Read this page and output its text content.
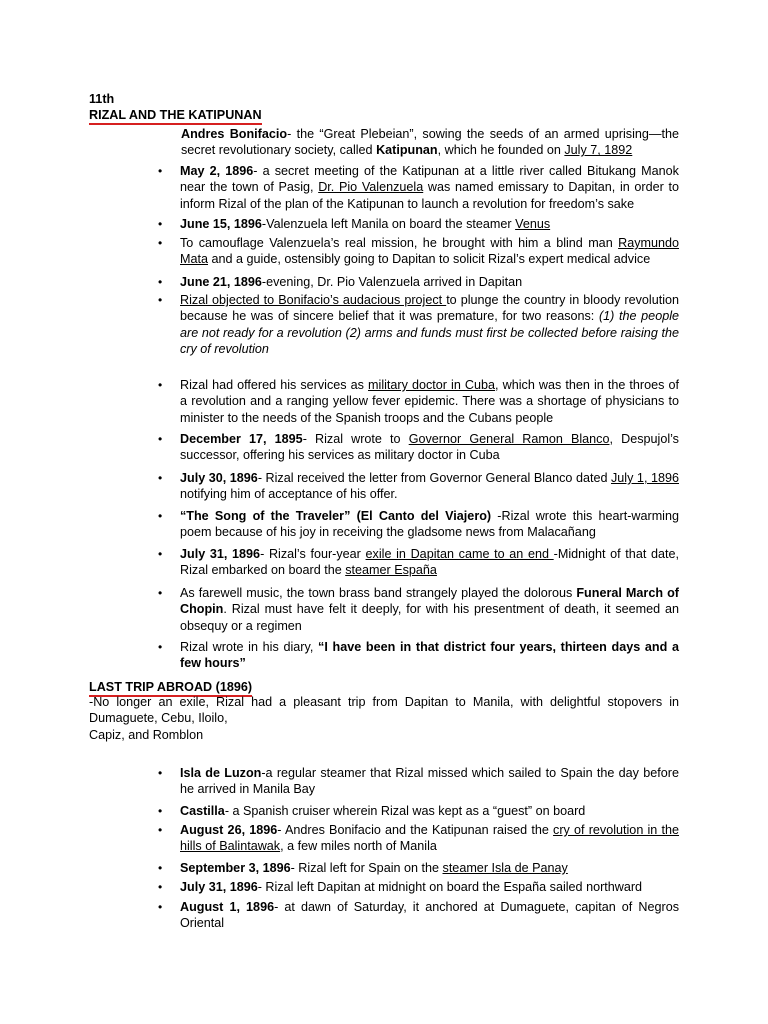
11th
RIZAL AND THE KATIPUNAN
Andres Bonifacio- the “Great Plebeian”, sowing the seeds of an armed uprising—the secret revolutionary society, called Katipunan, which he founded on July 7, 1892
•	May 2, 1896- a secret meeting of the Katipunan at a little river called Bitukang Manok near the town of Pasig, Dr. Pio Valenzuela was named emissary to Dapitan, in order to inform Rizal of the plan of the Katipunan to launch a revolution for freedom’s sake
•	June 15, 1896-Valenzuela left Manila on board the steamer Venus
•	To camouflage Valenzuela’s real mission, he brought with him a blind man Raymundo Mata and a guide, ostensibly going to Dapitan to solicit Rizal’s expert medical advice
•	June 21, 1896-evening, Dr. Pio Valenzuela arrived in Dapitan
•	Rizal objected to Bonifacio’s audacious project to plunge the country in bloody revolution because he was of sincere belief that it was premature, for two reasons: (1) the people are not ready for a revolution (2) arms and funds must first be collected before raising the cry of revolution
•	Rizal had offered his services as military doctor in Cuba, which was then in the throes of a revolution and a ranging yellow fever epidemic. There was a shortage of physicians to minister to the needs of the Spanish troops and the Cubans people
•	December 17, 1895- Rizal wrote to Governor General Ramon Blanco, Despujol’s successor, offering his services as military doctor in Cuba
•	July 30, 1896- Rizal received the letter from Governor General Blanco dated July 1, 1896 notifying him of acceptance of his offer.
•	“The Song of the Traveler” (El Canto del Viajero) -Rizal wrote this heart-warming poem because of his joy in receiving the gladsome news from Malacañang
•	July 31, 1896- Rizal’s four-year exile in Dapitan came to an end -Midnight of that date, Rizal embarked on board the steamer España
•	As farewell music, the town brass band strangely played the dolorous Funeral March of Chopin. Rizal must have felt it deeply, for with his presentment of death, it seemed an obsequy or a regimen
•	Rizal wrote in his diary, “I have been in that district four years, thirteen days and a few hours”
LAST TRIP ABROAD (1896)
-No longer an exile, Rizal had a pleasant trip from Dapitan to Manila, with delightful stopovers in Dumaguete, Cebu, Iloilo,
Capiz, and Romblon
•	Isla de Luzon-a regular steamer that Rizal missed which sailed to Spain the day before he arrived in Manila Bay
•	Castilla- a Spanish cruiser wherein Rizal was kept as a “guest” on board
•	August 26, 1896- Andres Bonifacio and the Katipunan raised the cry of revolution in the hills of Balintawak, a few miles north of Manila
•	September 3, 1896- Rizal left for Spain on the steamer Isla de Panay
•	July 31, 1896- Rizal left Dapitan at midnight on board the España sailed northward
•	August 1, 1896- at dawn of Saturday, it anchored at Dumaguete, capitan of Negros Oriental
